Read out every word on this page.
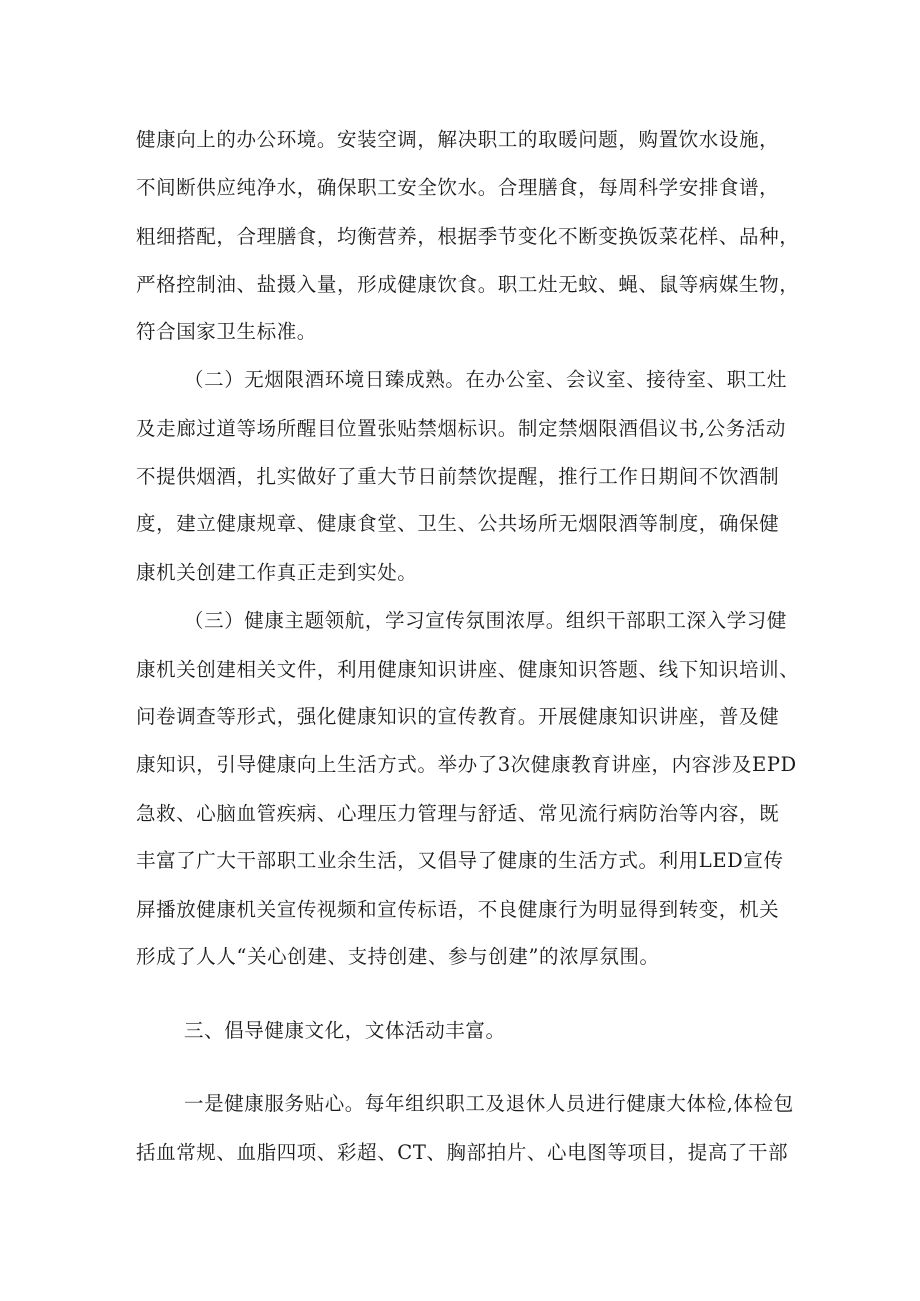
健康向上的办公环境。安装空调，解决职工的取暖问题，购置饮水设施，

不间断供应纯净水，确保职工安全饮水。合理膳食，每周科学安排食谱，

粗细搭配，合理膳食，均衡营养，根据季节变化不断变换饭菜花样、品种，

严格控制油、盐摄入量，形成健康饮食。职工灶无蚊、蝇、鼠等病媒生物，

符合国家卫生标准。

（二）无烟限酒环境日臻成熟。在办公室、会议室、接待室、职工灶

及走廊过道等场所醒目位置张贴禁烟标识。制定禁烟限酒倡议书,公务活动

不提供烟酒，扎实做好了重大节日前禁饮提醒，推行工作日期间不饮酒制

度，建立健康规章、健康食堂、卫生、公共场所无烟限酒等制度，确保健

康机关创建工作真正走到实处。

（三）健康主题领航，学习宣传氛围浓厚。组织干部职工深入学习健

康机关创建相关文件，利用健康知识讲座、健康知识答题、线下知识培训、

问卷调查等形式，强化健康知识的宣传教育。开展健康知识讲座，普及健

康知识，引导健康向上生活方式。举办了3次健康教育讲座，内容涉及EPD

急救、心脑血管疾病、心理压力管理与舒适、常见流行病防治等内容，既

丰富了广大干部职工业余生活，又倡导了健康的生活方式。利用LED宣传

屏播放健康机关宣传视频和宣传标语，不良健康行为明显得到转变，机关

形成了人人“关心创建、支持创建、参与创建”的浓厚氛围。

三、倡导健康文化，文体活动丰富。

一是健康服务贴心。每年组织职工及退休人员进行健康大体检,体检包

括血常规、血脂四项、彩超、CT、胸部拍片、心电图等项目，提高了干部
